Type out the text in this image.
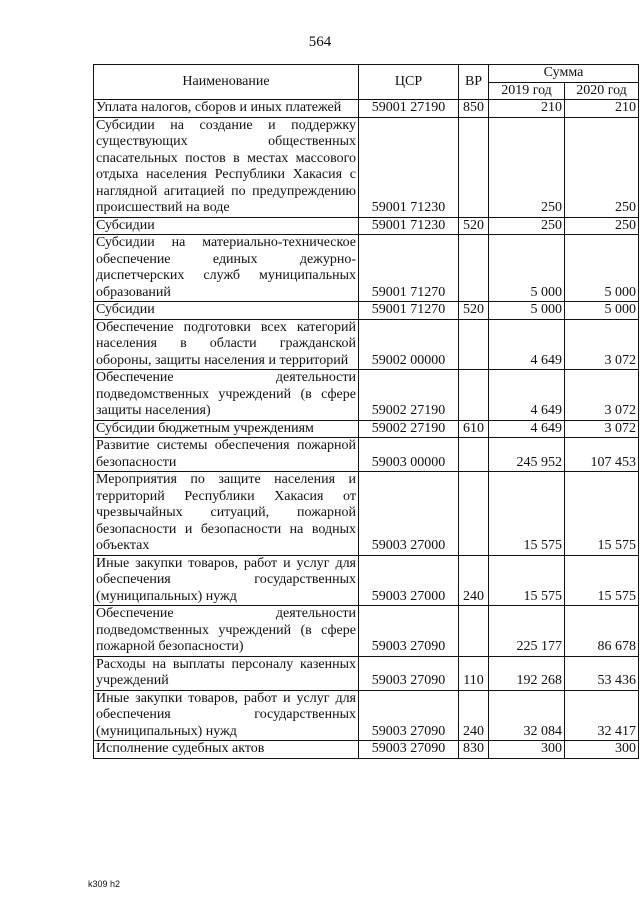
564
Наименование	ЦСР	ВР	Сумма	
			2019 год	2020 год
Уплата налогов, сборов и иных платежей	59001 27190	850	210	210
Субсидии на создание и поддержку существующих общественных спасательных постов в местах массового отдыха населения Республики Хакасия с наглядной агитацией по предупреждению происшествий на воде	59001 71230		250	250
Субсидии	59001 71230	520	250	250
Субсидии на материально-техническое обеспечение единых дежурно-диспетчерских служб муниципальных образований	59001 71270		5 000	5 000
Субсидии	59001 71270	520	5 000	5 000
Обеспечение подготовки всех категорий населения в области гражданской обороны, защиты населения и территорий	59002 00000		4 649	3 072
Обеспечение деятельности подведомственных учреждений (в сфере защиты населения)	59002 27190		4 649	3 072
Субсидии бюджетным учреждениям	59002 27190	610	4 649	3 072
Развитие системы обеспечения пожарной безопасности	59003 00000		245 952	107 453
Мероприятия по защите населения и территорий Республики Хакасия от чрезвычайных ситуаций, пожарной безопасности и безопасности на водных объектах	59003 27000		15 575	15 575
Иные закупки товаров, работ и услуг для обеспечения государственных (муниципальных) нужд	59003 27000	240	15 575	15 575
Обеспечение деятельности подведомственных учреждений (в сфере пожарной безопасности)	59003 27090		225 177	86 678
Расходы на выплаты персоналу казенных учреждений	59003 27090	110	192 268	53 436
Иные закупки товаров, работ и услуг для обеспечения государственных (муниципальных) нужд	59003 27090	240	32 084	32 417
Исполнение судебных актов	59003 27090	830	300	300
k309 h2
